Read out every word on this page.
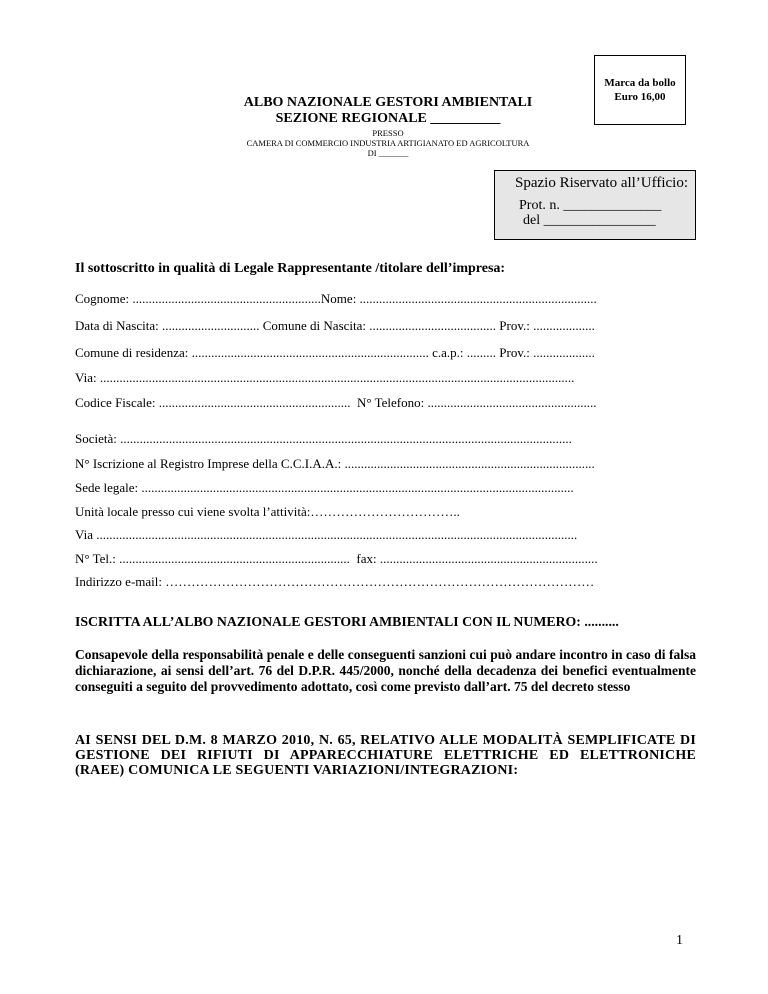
Marca da bollo
Euro 16,00
ALBO NAZIONALE GESTORI AMBIENTALI
SEZIONE REGIONALE __________
PRESSO
CAMERA DI COMMERCIO INDUSTRIA ARTIGIANATO ED AGRICOLTURA
DI _______
Spazio Riservato all’Ufficio:
Prot. n. ______________
del ________________
Il sottoscritto in qualità di Legale Rappresentante /titolare dell’impresa:
Cognome: ..........................................................Nome: .........................................................................
Data di Nascita: .............................. Comune di Nascita: ....................................... Prov.: ...................
Comune di residenza: ......................................................................... c.a.p.: ......... Prov.: ...................
Via: ..................................................................................................................................................
Codice Fiscale: ........................................................... N° Telefono: ....................................................
Società: ...........................................................................................................................................
N° Iscrizione al Registro Imprese della C.C.I.A.A.: .............................................................................
Sede legale: .....................................................................................................................................
Unità locale presso cui viene svolta l’attività:……………………………..
Via ....................................................................................................................................................
N° Tel.: ....................................................................... fax: ...................................................................
Indirizzo e-mail: ………………………………………………………………………………………
ISCRITTA ALL’ALBO NAZIONALE GESTORI AMBIENTALI CON IL NUMERO: ..........
Consapevole della responsabilità penale e delle conseguenti sanzioni cui può andare incontro in caso di falsa dichiarazione, ai sensi dell’art. 76 del D.P.R. 445/2000, nonché della decadenza dei benefici eventualmente conseguiti a seguito del provvedimento adottato, così come previsto dall’art. 75 del decreto stesso
AI SENSI DEL D.M. 8 MARZO 2010, N. 65, RELATIVO ALLE MODALITÀ SEMPLIFICATE DI GESTIONE DEI RIFIUTI DI APPARECCHIATURE ELETTRICHE ED ELETTRONICHE (RAEE) COMUNICA LE SEGUENTI VARIAZIONI/INTEGRAZIONI:
1
